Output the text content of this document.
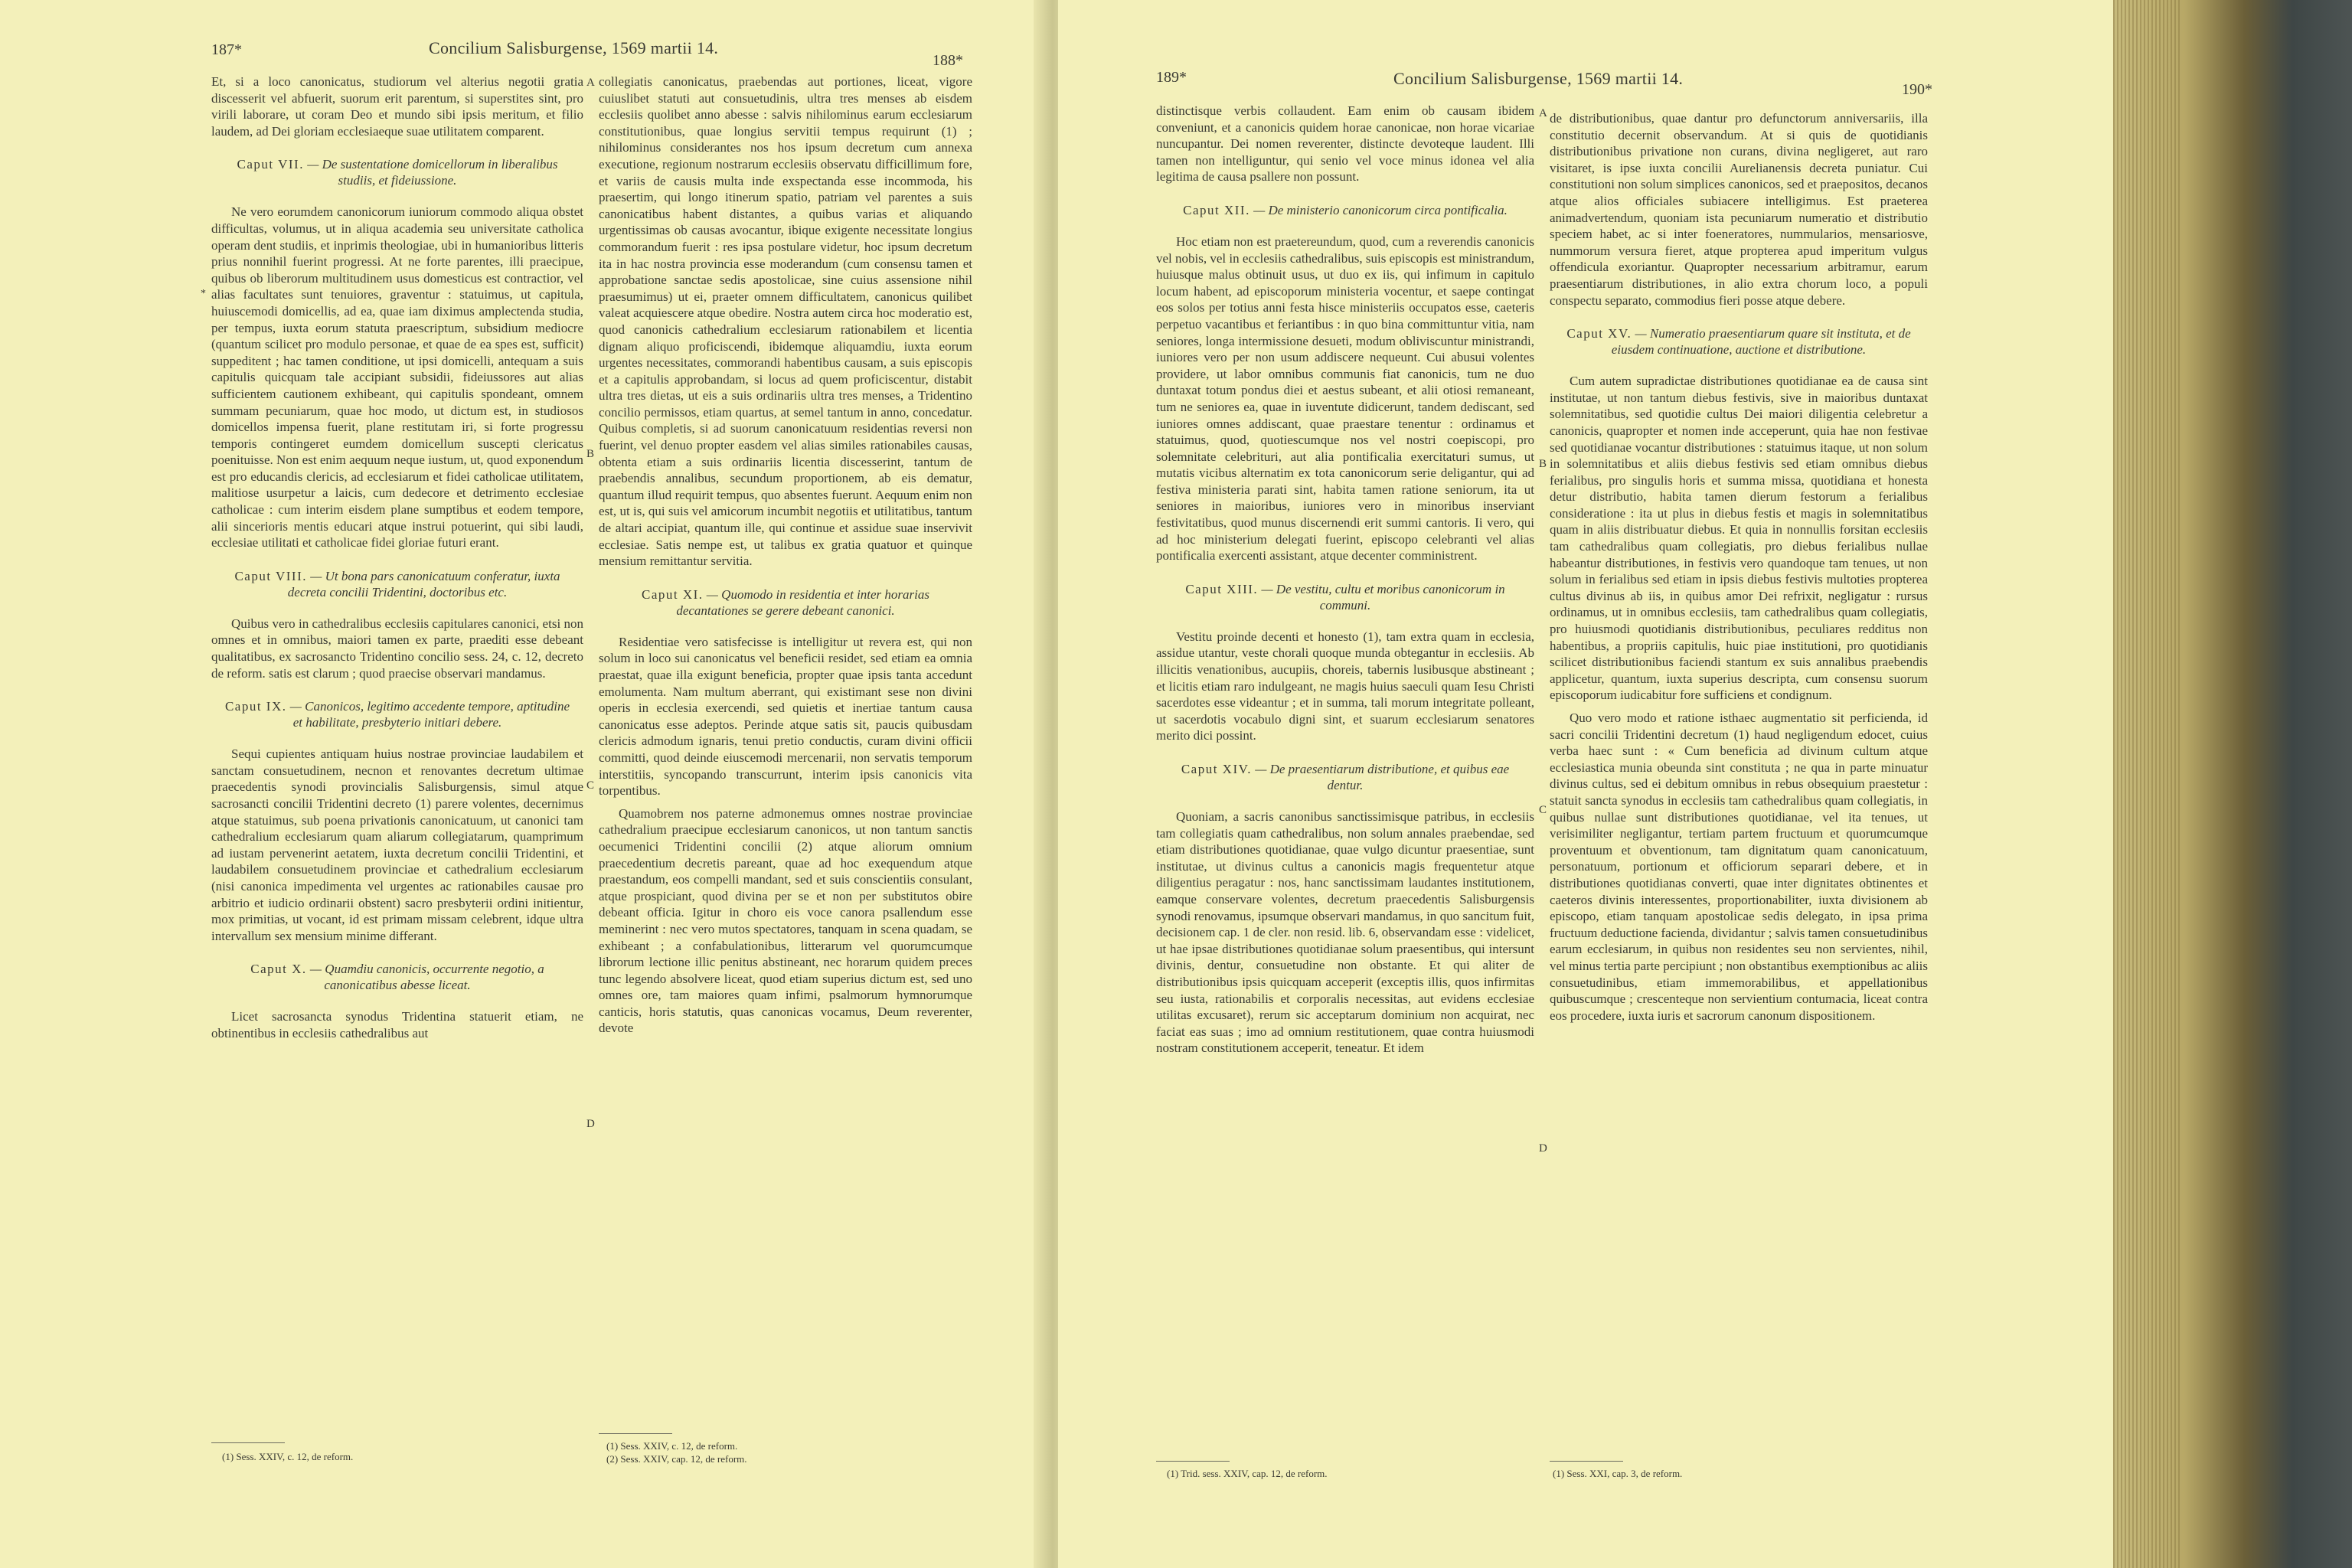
187*	Concilium Salisburgense, 1569 martii 14.
188*
*

Et, si a loco canonicatus, studiorum vel alterius negotii gratia discesserit vel abfuerit, suorum erit parentum, si superstites sint, pro virili laborare, ut coram Deo et mundo sibi ipsis meritum, et filio laudem, ad Dei gloriam ecclesiaeque suae utilitatem comparent.

Caput VII. — De sustentatione domicellorum in liberalibus studiis, et fideiussione.

Ne vero eorumdem canonicorum iuniorum commodo aliqua obstet difficultas, volumus, ut in aliqua academia seu universitate catholica operam dent studiis, et inprimis theologiae, ubi in humanioribus litteris prius nonnihil fuerint progressi. At ne forte parentes, illi praecipue, quibus ob liberorum multitudinem usus domesticus est contractior, vel alias facultates sunt tenuiores, graventur : statuimus, ut capitula, huiuscemodi domicellis, ad ea, quae iam diximus amplectenda studia, per tempus, iuxta eorum statuta praescriptum, subsidium mediocre (quantum scilicet pro modulo personae, et quae de ea spes est, sufficit) suppeditent ; hac tamen conditione, ut ipsi domicelli, antequam a suis capitulis quicquam tale accipiant subsidii, fideiussores aut alias sufficientem cautionem exhibeant, qui capitulis spondeant, omnem summam pecuniarum, quae hoc modo, ut dictum est, in studiosos domicellos impensa fuerit, plane restitutam iri, si forte progressu temporis contingeret eumdem domicellum suscepti clericatus poenituisse. Non est enim aequum neque iustum, ut, quod exponendum est pro educandis clericis, ad ecclesiarum et fidei catholicae utilitatem, malitiose usurpetur a laicis, cum dedecore et detrimento ecclesiae catholicae : cum interim eisdem plane sumptibus et eodem tempore, alii sincerioris mentis educari atque instrui potuerint, qui sibi laudi, ecclesiae utilitati et catholicae fidei gloriae futuri erant.

Caput VIII. — Ut bona pars canonicatuum conferatur, iuxta decreta concilii Tridentini, doctoribus etc.

Quibus vero in cathedralibus ecclesiis capitulares canonici, etsi non omnes et in omnibus, maiori tamen ex parte, praediti esse debeant qualitatibus, ex sacrosancto Tridentino concilio sess. 24, c. 12, decreto de reform. satis est clarum ; quod praecise observari mandamus.

Caput IX. — Canonicos, legitimo accedente tempore, aptitudine et habilitate, presbyterio initiari debere.

Sequi cupientes antiquam huius nostrae provinciae laudabilem et sanctam consuetudinem, necnon et renovantes decretum ultimae praecedentis synodi provincialis Salisburgensis, simul atque sacrosancti concilii Tridentini decreto (1) parere volentes, decernimus atque statuimus, sub poena privationis canonicatuum, ut canonici tam cathedralium ecclesiarum quam aliarum collegiatarum, quamprimum ad iustam pervenerint aetatem, iuxta decretum concilii Tridentini, et laudabilem consuetudinem provinciae et cathedralium ecclesiarum (nisi canonica impedimenta vel urgentes ac rationabiles causae pro arbitrio et iudicio ordinarii obstent) sacro presbyterii ordini initientur, mox primitias, ut vocant, id est primam missam celebrent, idque ultra intervallum sex mensium minime differant.

Caput X. — Quamdiu canonicis, occurrente negotio, a canonicatibus abesse liceat.

Licet sacrosancta synodus Tridentina statuerit etiam, ne obtinentibus in ecclesiis cathedralibus aut

(1) Sess. XXIV, c. 12, de reform.
A
B
C
D

collegiatis canonicatus, praebendas aut portiones, liceat, vigore cuiuslibet statuti aut consuetudinis, ultra tres menses ab eisdem ecclesiis quolibet anno abesse : salvis nihilominus earum ecclesiarum constitutionibus, quae longius servitii tempus requirunt (1) ; nihilominus considerantes nos hos ipsum decretum cum annexa executione, regionum nostrarum ecclesiis observatu difficillimum fore, et variis de causis multa inde exspectanda esse incommoda, his praesertim, qui longo itinerum spatio, patriam vel parentes a suis canonicatibus habent distantes, a quibus varias et aliquando urgentissimas ob causas avocantur, ibique exigente necessitate longius commorandum fuerit : res ipsa postulare videtur, hoc ipsum decretum ita in hac nostra provincia esse moderandum (cum consensu tamen et approbatione sanctae sedis apostolicae, sine cuius assensione nihil praesumimus) ut ei, praeter omnem difficultatem, canonicus quilibet valeat acquiescere atque obedire. Nostra autem circa hoc moderatio est, quod canonicis cathedralium ecclesiarum rationabilem et licentia dignam aliquo proficiscendi, ibidemque aliquamdiu, iuxta eorum urgentes necessitates, commorandi habentibus causam, a suis episcopis et a capitulis approbandam, si locus ad quem proficiscentur, distabit ultra tres dietas, ut eis a suis ordinariis ultra tres menses, a Tridentino concilio permissos, etiam quartus, at semel tantum in anno, concedatur. Quibus completis, si ad suorum canonicatuum residentias reversi non fuerint, vel denuo propter easdem vel alias similes rationabiles causas, obtenta etiam a suis ordinariis licentia discesserint, tantum de praebendis annalibus, secundum proportionem, ab eis dematur, quantum illud requirit tempus, quo absentes fuerunt. Aequum enim non est, ut is, qui suis vel amicorum incumbit negotiis et utilitatibus, tantum de altari accipiat, quantum ille, qui continue et assidue suae inservivit ecclesiae. Satis nempe est, ut talibus ex gratia quatuor et quinque mensium remittantur servitia.

Caput XI. — Quomodo in residentia et inter horarias decantationes se gerere debeant canonici.

Residentiae vero satisfecisse is intelligitur ut revera est, qui non solum in loco sui canonicatus vel beneficii residet, sed etiam ea omnia praestat, quae illa exigunt beneficia, propter quae ipsis tanta accedunt emolumenta. Nam multum aberrant, qui existimant sese non divini operis in ecclesia exercendi, sed quietis et inertiae tantum causa canonicatus esse adeptos. Perinde atque satis sit, paucis quibusdam clericis admodum ignaris, tenui pretio conductis, curam divini officii committi, quod deinde eiuscemodi mercenarii, non servatis temporum interstitiis, syncopando transcurrunt, interim ipsis canonicis vita torpentibus.

Quamobrem nos paterne admonemus omnes nostrae provinciae cathedralium praecipue ecclesiarum canonicos, ut non tantum sanctis oecumenici Tridentini concilii (2) atque aliorum omnium praecedentium decretis pareant, quae ad hoc exequendum atque praestandum, eos compelli mandant, sed et suis conscientiis consulant, atque prospiciant, quod divina per se et non per substitutos obire debeant officia. Igitur in choro eis voce canora psallendum esse meminerint : nec vero mutos spectatores, tanquam in scena quadam, se exhibeant ; a confabulationibus, litterarum vel quorumcumque librorum lectione illic penitus abstineant, nec horarum quidem preces tunc legendo absolvere liceat, quod etiam superius dictum est, sed uno omnes ore, tam maiores quam infimi, psalmorum hymnorumque canticis, horis statutis, quas canonicas vocamus, Deum reverenter, devote

(1) Sess. XXIV, c. 12, de reform.
(2) Sess. XXIV, cap. 12, de reform.
189*	Concilium Salisburgense, 1569 martii 14.
190*

distinctisque verbis collaudent. Eam enim ob causam ibidem conveniunt, et a canonicis quidem horae canonicae, non horae vicariae nuncupantur. Dei nomen reverenter, distincte devoteque laudent. Illi tamen non intelliguntur, qui senio vel voce minus idonea vel alia legitima de causa psallere non possunt.

Caput XII. — De ministerio canonicorum circa pontificalia.

Hoc etiam non est praetereundum, quod, cum a reverendis canonicis vel nobis, vel in ecclesiis cathedralibus, suis episcopis est ministrandum, huiusque malus obtinuit usus, ut duo ex iis, qui infimum in capitulo locum habent, ad episcoporum ministeria vocentur, et saepe contingat eos solos per totius anni festa hisce ministeriis occupatos esse, caeteris perpetuo vacantibus et feriantibus : in quo bina committuntur vitia, nam seniores, longa intermissione desueti, modum obliviscuntur ministrandi, iuniores vero per non usum addiscere nequeunt. Cui abusui volentes providere, ut labor omnibus communis fiat canonicis, tum ne duo duntaxat totum pondus diei et aestus subeant, et alii otiosi remaneant, tum ne seniores ea, quae in iuventute didicerunt, tandem dediscant, sed iuniores omnes addiscant, quae praestare tenentur : ordinamus et statuimus, quod, quotiescumque nos vel nostri coepiscopi, pro solemnitate celebrituri, aut alia pontificalia exercitaturi sumus, ut mutatis vicibus alternatim ex tota canonicorum serie deligantur, qui ad festiva ministeria parati sint, habita tamen ratione seniorum, ita ut seniores in maioribus, iuniores vero in minoribus inserviant festivitatibus, quod munus discernendi erit summi cantoris. Ii vero, qui ad hoc ministerium delegati fuerint, episcopo celebranti vel alias pontificalia exercenti assistant, atque decenter comministrent.

Caput XIII. — De vestitu, cultu et moribus canonicorum in communi.

Vestitu proinde decenti et honesto (1), tam extra quam in ecclesia, assidue utantur, veste chorali quoque munda obtegantur in ecclesiis. Ab illicitis venationibus, aucupiis, choreis, tabernis lusibusque abstineant ; et licitis etiam raro indulgeant, ne magis huius saeculi quam Iesu Christi sacerdotes esse videantur ; et in summa, tali morum integritate polleant, ut sacerdotis vocabulo digni sint, et suarum ecclesiarum senatores merito dici possint.

Caput XIV. — De praesentiarum distributione, et quibus eae dentur.

Quoniam, a sacris canonibus sanctissimisque patribus, in ecclesiis tam collegiatis quam cathedralibus, non solum annales praebendae, sed etiam distributiones quotidianae, quae vulgo dicuntur praesentiae, sunt institutae, ut divinus cultus a canonicis magis frequentetur atque diligentius peragatur : nos, hanc sanctissimam laudantes institutionem, eamque conservare volentes, decretum praecedentis Salisburgensis synodi renovamus, ipsumque observari mandamus, in quo sancitum fuit, decisionem cap. 1 de cler. non resid. lib. 6, observandam esse : videlicet, ut hae ipsae distributiones quotidianae solum praesentibus, qui intersunt divinis, dentur, consuetudine non obstante. Et qui aliter de distributionibus ipsis quicquam acceperit (exceptis illis, quos infirmitas seu iusta, rationabilis et corporalis necessitas, aut evidens ecclesiae utilitas excusaret), rerum sic acceptarum dominium non acquirat, nec faciat eas suas ; imo ad omnium restitutionem, quae contra huiusmodi nostram constitutionem acceperit, teneatur. Et idem

(1) Trid. sess. XXIV, cap. 12, de reform.
A
B
C
D

de distributionibus, quae dantur pro defunctorum anniversariis, illa constitutio decernit observandum. At si quis de quotidianis distributionibus privatione non curans, divina negligeret, aut raro visitaret, is ipse iuxta concilii Aurelianensis decreta puniatur. Cui constitutioni non solum simplices canonicos, sed et praepositos, decanos atque alios officiales subiacere intelligimus. Est praeterea animadvertendum, quoniam ista pecuniarum numeratio et distributio speciem habet, ac si inter foeneratores, nummularios, mensariosve, nummorum versura fieret, atque propterea apud imperitum vulgus offendicula exoriantur. Quapropter necessarium arbitramur, earum praesentiarum distributiones, in alio extra chorum loco, a populi conspectu separato, commodius fieri posse atque debere.

Caput XV. — Numeratio praesentiarum quare sit instituta, et de eiusdem continuatione, auctione et distributione.

Cum autem supradictae distributiones quotidianae ea de causa sint institutae, ut non tantum diebus festivis, sive in maioribus duntaxat solemnitatibus, sed quotidie cultus Dei maiori diligentia celebretur a canonicis, quapropter et nomen inde acceperunt, quia hae non festivae sed quotidianae vocantur distributiones : statuimus itaque, ut non solum in solemnitatibus et aliis diebus festivis sed etiam omnibus diebus ferialibus, pro singulis horis et summa missa, quotidiana et honesta detur distributio, habita tamen dierum festorum a ferialibus consideratione : ita ut plus in diebus festis et magis in solemnitatibus quam in aliis distribuatur diebus. Et quia in nonnullis forsitan ecclesiis tam cathedralibus quam collegiatis, pro diebus ferialibus nullae habeantur distributiones, in festivis vero quandoque tam tenues, ut non solum in ferialibus sed etiam in ipsis diebus festivis multoties propterea cultus divinus ab iis, in quibus amor Dei refrixit, negligatur : rursus ordinamus, ut in omnibus ecclesiis, tam cathedralibus quam collegiatis, pro huiusmodi quotidianis distributionibus, peculiares redditus non habentibus, a propriis capitulis, huic piae institutioni, pro quotidianis scilicet distributionibus faciendi stantum ex suis annalibus praebendis applicetur, quantum, iuxta superius descripta, cum consensu suorum episcoporum iudicabitur fore sufficiens et condignum.

Quo vero modo et ratione isthaec augmentatio sit perficienda, id sacri concilii Tridentini decretum (1) haud negligendum edocet, cuius verba haec sunt : « Cum beneficia ad divinum cultum atque ecclesiastica munia obeunda sint constituta ; ne qua in parte minuatur divinus cultus, sed ei debitum omnibus in rebus obsequium praestetur : statuit sancta synodus in ecclesiis tam cathedralibus quam collegiatis, in quibus nullae sunt distributiones quotidianae, vel ita tenues, ut verisimiliter negligantur, tertiam partem fructuum et quorumcumque proventuum et obventionum, tam dignitatum quam canonicatuum, personatuum, portionum et officiorum separari debere, et in distributiones quotidianas converti, quae inter dignitates obtinentes et caeteros divinis interessentes, proportionabiliter, iuxta divisionem ab episcopo, etiam tanquam apostolicae sedis delegato, in ipsa prima fructuum deductione facienda, dividantur ; salvis tamen consuetudinibus earum ecclesiarum, in quibus non residentes seu non servientes, nihil, vel minus tertia parte percipiunt ; non obstantibus exemptionibus ac aliis consuetudinibus, etiam immemorabilibus, et appellationibus quibuscumque ; crescenteque non servientium contumacia, liceat contra eos procedere, iuxta iuris et sacrorum canonum dispositionem.

(1) Sess. XXI, cap. 3, de reform.
